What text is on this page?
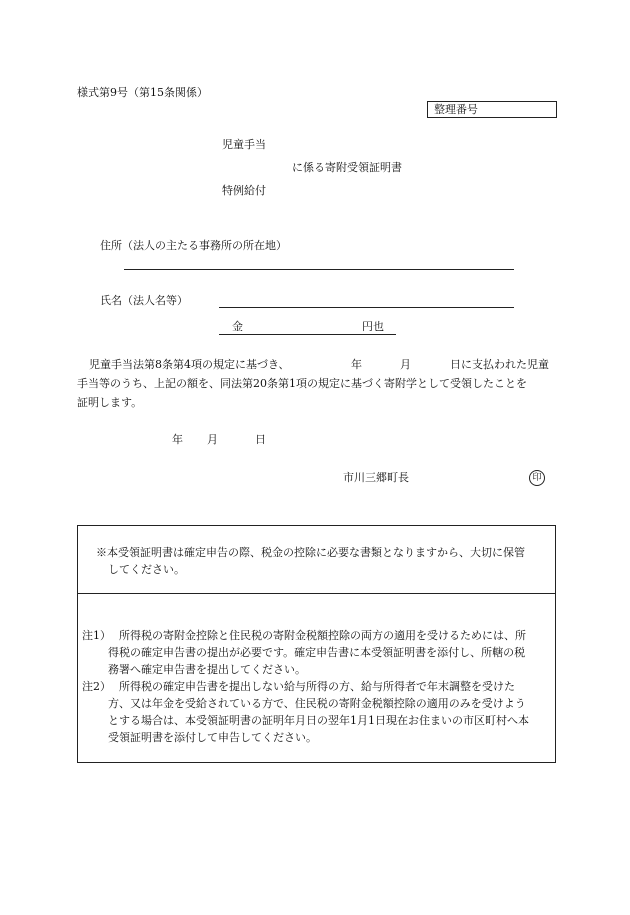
様式第9号（第15条関係）
整理番号
児童手当
に係る寄附受領証明書
特例給付
住所（法人の主たる事務所の所在地）
氏名（法人名等）
金	円也
児童手当法第8条第4項の規定に基づき、	年	月	日に支払われた児童
手当等のうち、上記の額を、同法第20条第1項の規定に基づく寄附学として受領したことを
証明します。
年 月	日
市川三郷町長	印
※本受領証明書は確定申告の際、税金の控除に必要な書類となりますから、大切に保管
してください。
注1） 所得税の寄附金控除と住民税の寄附金税額控除の両方の適用を受けるためには、所
得税の確定申告書の提出が必要です。確定申告書に本受領証明書を添付し、所轄の税
務署へ確定申告書を提出してください。
注2） 所得税の確定申告書を提出しない給与所得の方、給与所得者で年末調整を受けた
方、又は年金を受給されている方で、住民税の寄附金税額控除の適用のみを受けよう
とする場合は、本受領証明書の証明年月日の翌年1月1日現在お住まいの市区町村へ本
受領証明書を添付して申告してください。
